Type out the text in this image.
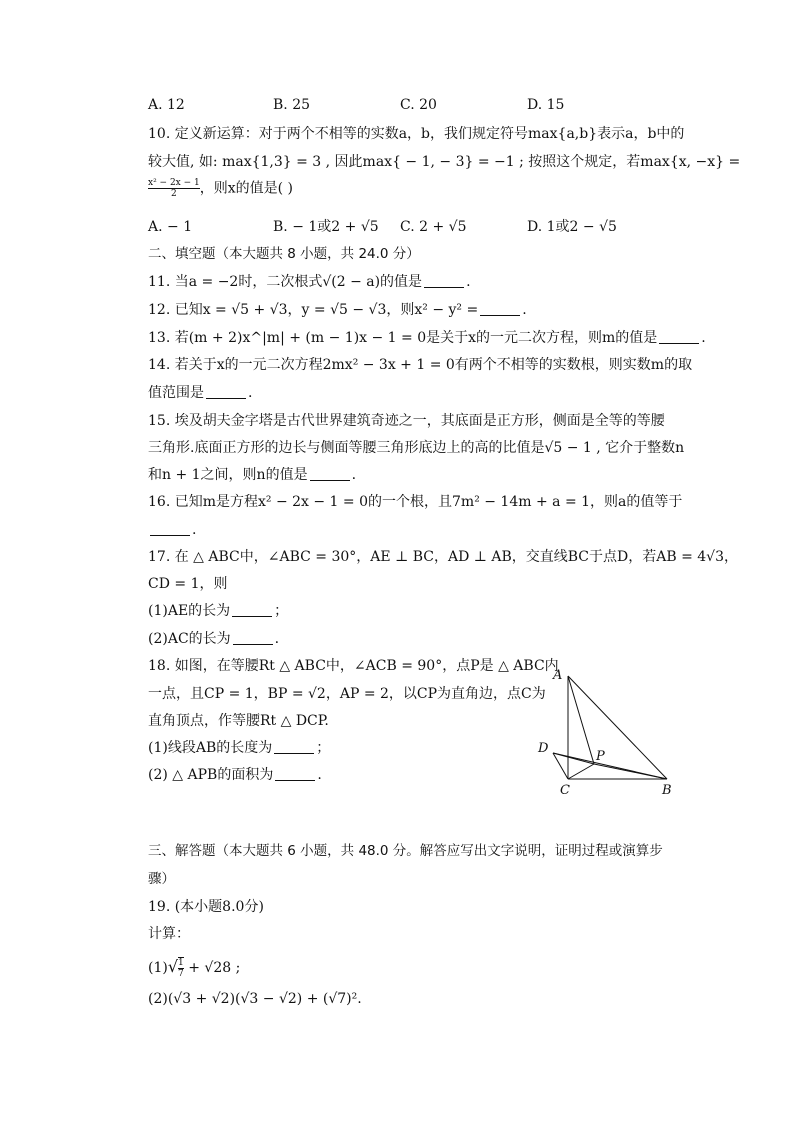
A. 12	B. 25	C. 20	D. 15
10. 定义新运算：对于两个不相等的实数a，b，我们规定符号max{a,b}表示a，b中的
较大值, 如: max{1,3} = 3 , 因此max{ − 1, − 3} = −1 ; 按照这个规定，若max{x, −x} =
$\frac{\text{x² − 2x − 1}}{2}$ ，则x的值是( )
A. − 1	B. − 1或2 + √5 C. 2 + √5	D. 1或2 − √5
二、填空题（本大题共 8 小题，共 24.0 分）
11. 当a = −2时，二次根式√(2 − a)的值是	.
12. 已知x = √5 + √3，y = √5 − √3，则x² − y² =	.
13. 若(m + 2)x^|m| + (m − 1)x − 1 = 0是关于x的一元二次方程，则m的值是	.
14. 若关于x的一元二次方程2mx² − 3x + 1 = 0有两个不相等的实数根，则实数m的取
值范围是	.
15. 埃及胡夫金字塔是古代世界建筑奇迹之一，其底面是正方形，侧面是全等的等腰
三角形.底面正方形的边长与侧面等腰三角形底边上的高的比值是√5 − 1 , 它介于整数n
和n + 1之间，则n的值是	.
16. 已知m是方程x² − 2x − 1 = 0的一个根，且7m² − 14m + a = 1，则a的值等于
.
17. 在 △ ABC中，∠ABC = 30°，AE ⊥ BC，AD ⊥ AB，交直线BC于点D，若AB = 4√3，
CD = 1，则
(1)AE的长为	；
(2)AC的长为	.
18. 如图，在等腰Rt △ ABC中，∠ACB = 90°，点P是 △ ABC内
一点，且CP = 1，BP = √2，AP = 2，以CP为直角边，点C为
直角顶点，作等腰Rt △ DCP.
(1)线段AB的长度为	；
(2) △ APB的面积为	.
A
D
P
C	B
三、解答题（本大题共 6 小题，共 48.0 分。解答应写出文字说明，证明过程或演算步
骤）
19. (本小题8.0分)
计算：
$(1)√ \frac{1}{7} + √28$ ;
(2)(√3 + √2)(√3 − √2) + (√7)².
